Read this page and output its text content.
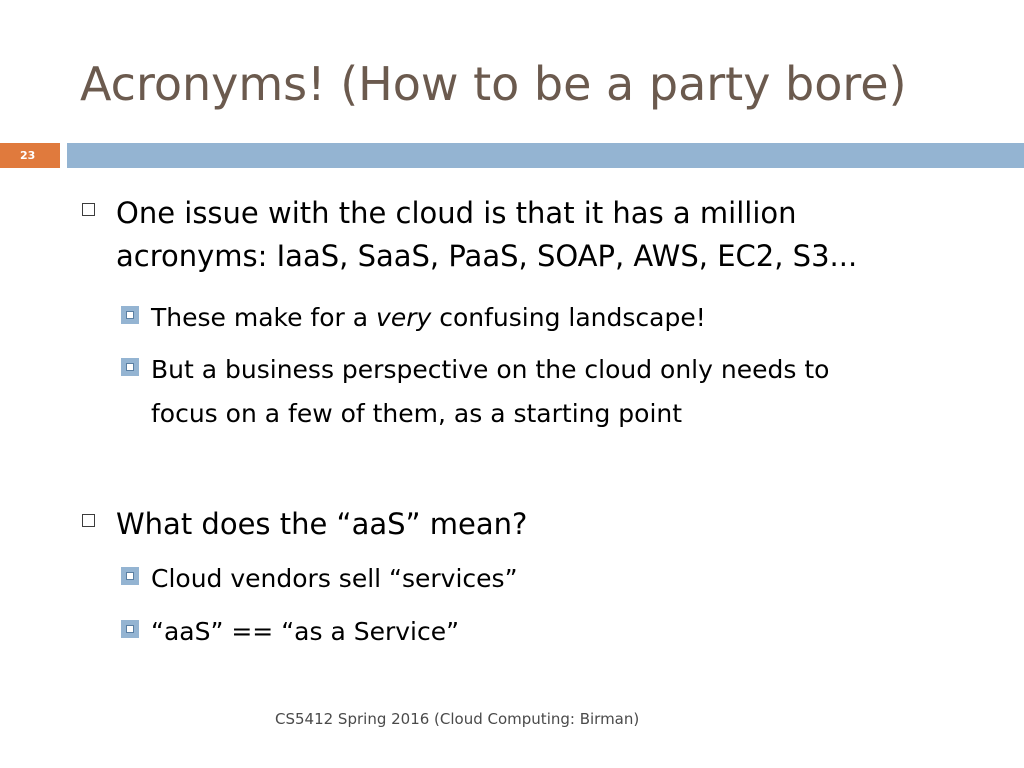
Acronyms! (How to be a party bore)
23
One issue with the cloud is that it has a million
acronyms: IaaS, SaaS, PaaS, SOAP, AWS, EC2, S3...
These make for a very confusing landscape!
But a business perspective on the cloud only needs to
focus on a few of them, as a starting point
What does the “aaS” mean?
Cloud vendors sell “services”
“aaS” == “as a Service”
CS5412 Spring 2016 (Cloud Computing: Birman)
